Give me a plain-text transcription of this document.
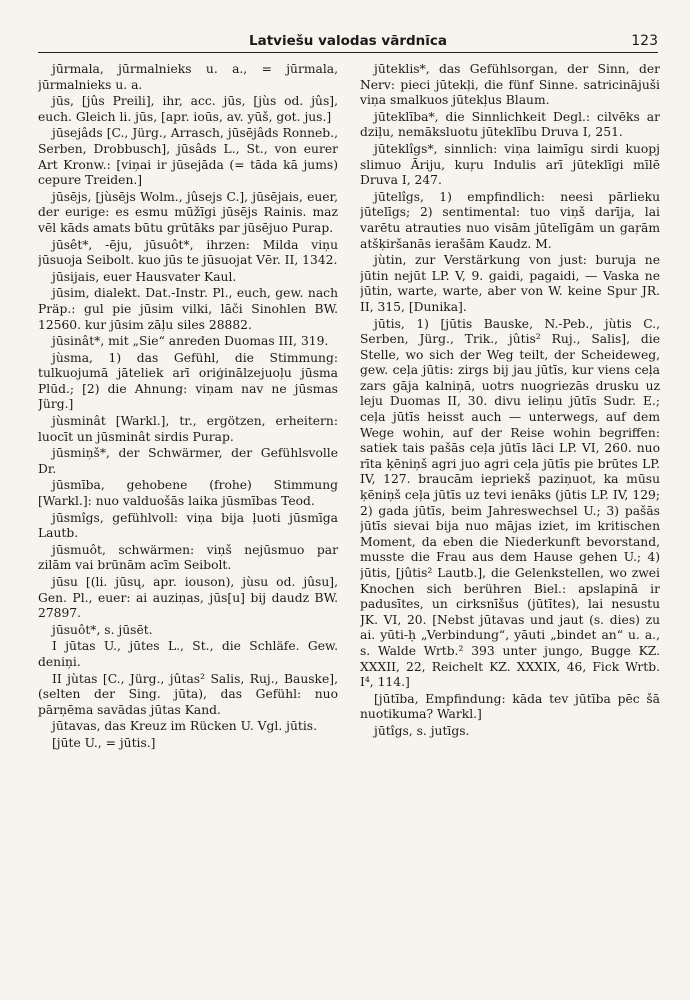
Latviešu valodas vārdnīca	123

jūrmala, jūrmalnieks u. a., = jūrmala, jūrmalnieks u. a.

jūs, [jûs Preili], ihr, acc. jūs, [jùs od. jûs], euch. Gleich li. jūs, [apr. ioūs, av. yūš, got. jus.]

jūsejâds [C., Jürg., Arrasch, jūsējâds Ronneb., Serben, Drobbusch], jūsâds L., St., von eurer Art Kronw.: [viņai ir jūsejāda (= tāda kā jums) cepure Treiden.]

jūsējs, [jùsējs Wolm., jûsejs C.], jūsējais, euer, der eurige: es esmu mūžīgi jūsējs Rainis. maz vēl kāds amats būtu grūtāks par jūsējuo Purap.

jūsêt*, -ēju, jūsuôt*, ihrzen: Milda viņu jūsuoja Seibolt. kuo jūs te jūsuojat Vēr. II, 1342.

jūsijais, euer Hausvater Kaul.

jūsim, dialekt. Dat.-Instr. Pl., euch, gew. nach Präp.: gul pie jūsim vilki, lāči Sinohlen BW. 12560. kur jūsim zāļu siles 28882.

jūsinât*, mit „Sie“ anreden Duomas III, 319.

jùsma, 1) das Gefühl, die Stimmung: tulkuojumā jāteliek arī oriģinālzejuoļu jūsma Plūd.; [2) die Ahnung: viņam nav ne jūsmas Jürg.]

jùsminât [Warkl.], tr., ergötzen, erheitern: luocīt un jūsminât sirdis Purap.

jūsmiņš*, der Schwärmer, der Gefühlsvolle Dr.

jūsmība, gehobene (frohe) Stimmung [Warkl.]: nuo valduošās laika jūsmības Teod.

jūsmîgs, gefühlvoll: viņa bija ļuoti jūsmīga Lautb.

jūsmuôt, schwärmen: viņš nejūsmuo par zilām vai brūnām acīm Seibolt.

jūsu [(li. jūsų, apr. iouson), jùsu od. jûsu], Gen. Pl., euer: ai auziņas, jūs[u] bij daudz BW. 27897.

jūsuôt*, s. jūsēt.

I jūtas U., jūtes L., St., die Schläfe. Gew. deniņi.

II jùtas [C., Jürg., jûtas² Salis, Ruj., Bauske], (selten der Sing. jūta), das Gefühl: nuo pārņēma savādas jūtas Kand.

jūtavas, das Kreuz im Rücken U. Vgl. jūtis.

[jūte U., = jūtis.]

jūteklis*, das Gefühlsorgan, der Sinn, der Nerv: pieci jūtekļi, die fünf Sinne. satricinājuši viņa smalkuos jūtekļus Blaum.

jūteklība*, die Sinnlichkeit Degl.: cilvēks ar dziļu, nemāksluotu jūteklību Druva I, 251.

jūteklîgs*, sinnlich: viņa laimīgu sirdi kuopj slimuo Āriju, kuŗu Indulis arī jūteklīgi mīlē Druva I, 247.

jūtelîgs, 1) empfindlich: neesi pārlieku jūtelīgs; 2) sentimental: tuo viņš darīja, lai varētu atrauties nuo visām jūtelīgām un gaŗām atšķiršanās ierašām Kaudz. M.

jùtin, zur Verstärkung von just: buruja ne jūtin nejūt LP. V, 9. gaidi, pagaidi, — Vaska ne jūtin, warte, warte, aber von W. keine Spur JR. II, 315, [Dunika].

jūtis, 1) [jūtis Bauske, N.-Peb., jùtis C., Serben, Jürg., Trik., jûtis² Ruj., Salis], die Stelle, wo sich der Weg teilt, der Scheideweg, gew. ceļa jūtis: zirgs bij jau jūtīs, kur viens ceļa zars gāja kalniņā, uotrs nuogriezās drusku uz leju Duomas II, 30. divu ieliņu jūtīs Sudr. E.; ceļa jūtīs heisst auch — unterwegs, auf dem Wege wohin, auf der Reise wohin begriffen: satiek tais pašās ceļa jūtīs lāci LP. VI, 260. nuo rīta ķēniņš agri juo agri ceļa jūtīs pie brūtes LP. IV, 127. braucām iepriekš paziņuot, ka mūsu ķēniņš ceļa jūtīs uz tevi ienāks (jūtis LP. IV, 129; 2) gada jūtīs, beim Jahreswechsel U.; 3) pašās jūtīs sievai bija nuo mājas iziet, im kritischen Moment, da eben die Niederkunft bevorstand, musste die Frau aus dem Hause gehen U.; 4) jūtis, [jûtis² Lautb.], die Gelenkstellen, wo zwei Knochen sich berühren Biel.: apslapinā ir padusītes, un cirksnīšus (jūtītes), lai nesustu JK. VI, 20. [Nebst jūtavas und jaut (s. dies) zu ai. yūti-ḥ „Verbindung“, yāuti „bindet an“ u. a., s. Walde Wrtb.² 393 unter jungo, Bugge KZ. XXXII, 22, Reichelt KZ. XXXIX, 46, Fick Wrtb. I⁴, 114.]

[jūtība, Empfindung: kāda tev jūtība pēc šā nuotikuma? Warkl.]

jūtîgs, s. jutīgs.
